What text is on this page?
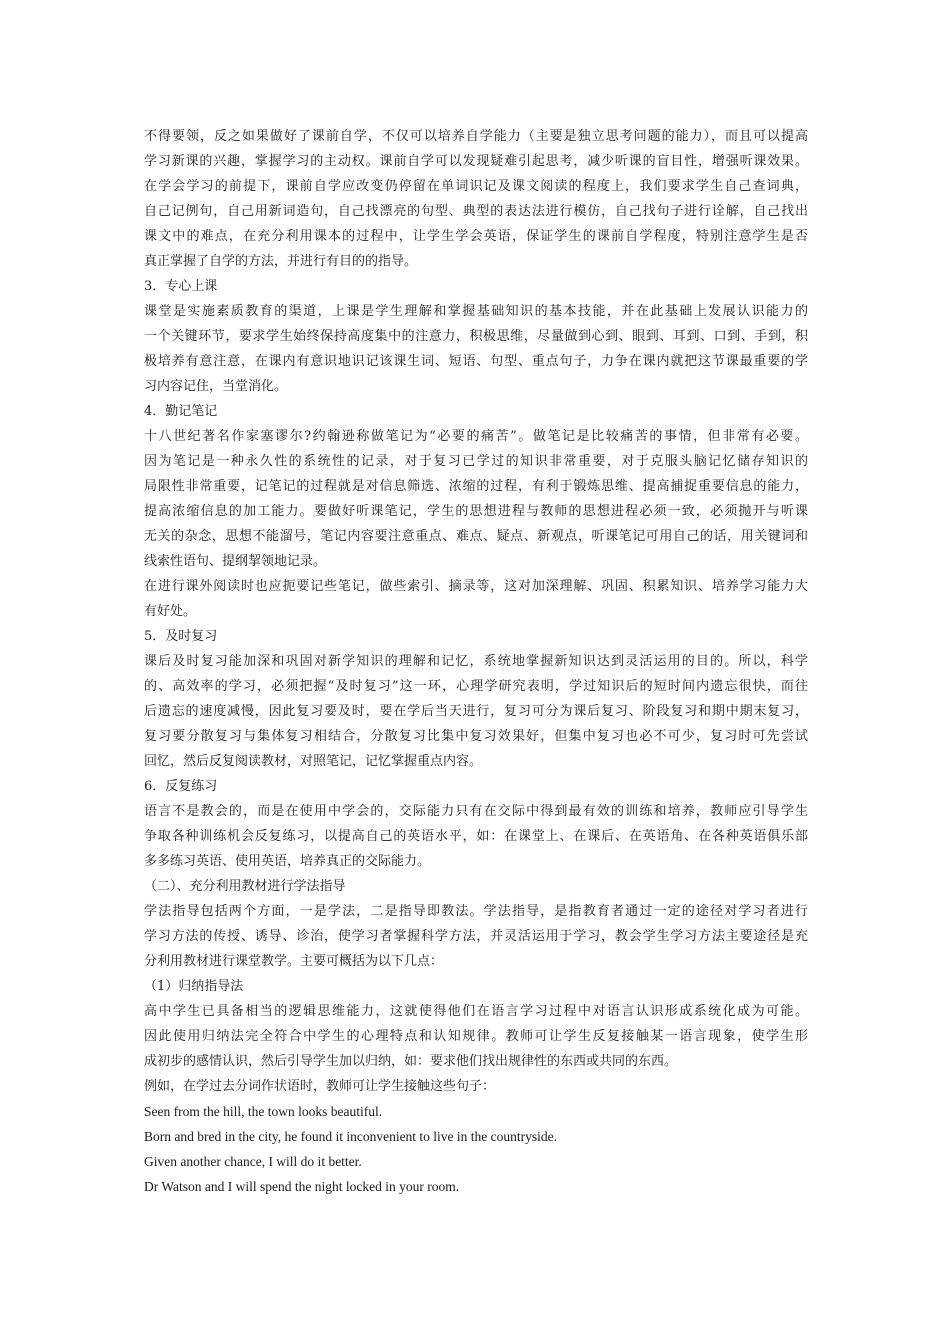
不得要领，反之如果做好了课前自学，不仅可以培养自学能力（主要是独立思考问题的能力），而且可以提高
学习新课的兴趣，掌握学习的主动权。课前自学可以发现疑难引起思考，减少听课的盲目性，增强听课效果。
在学会学习的前提下，课前自学应改变仍停留在单词识记及课文阅读的程度上，我们要求学生自己查词典，
自己记例句，自己用新词造句，自己找漂亮的句型、典型的表达法进行模仿，自己找句子进行诠解，自己找出
课文中的难点，在充分利用课本的过程中，让学生学会英语，保证学生的课前自学程度，特别注意学生是否
真正掌握了自学的方法，并进行有目的的指导。
3．专心上课
课堂是实施素质教育的渠道，上课是学生理解和掌握基础知识的基本技能，并在此基础上发展认识能力的
一个关键环节，要求学生始终保持高度集中的注意力，积极思维，尽量做到心到、眼到、耳到、口到、手到，积
极培养有意注意，在课内有意识地识记该课生词、短语、句型、重点句子，力争在课内就把这节课最重要的学
习内容记住，当堂消化。
4．勤记笔记
十八世纪著名作家塞谬尔?约翰逊称做笔记为“必要的痛苦”。做笔记是比较痛苦的事情，但非常有必要。
因为笔记是一种永久性的系统性的记录，对于复习已学过的知识非常重要，对于克服头脑记忆储存知识的
局限性非常重要，记笔记的过程就是对信息筛选、浓缩的过程，有利于锻炼思维、提高捕捉重要信息的能力，
提高浓缩信息的加工能力。要做好听课笔记，学生的思想进程与教师的思想进程必须一致，必须抛开与听课
无关的杂念，思想不能溜号，笔记内容要注意重点、难点、疑点、新观点，听课笔记可用自己的话，用关键词和
线索性语句、提纲挈领地记录。
在进行课外阅读时也应扼要记些笔记，做些索引、摘录等，这对加深理解、巩固、积累知识、培养学习能力大
有好处。
5．及时复习
课后及时复习能加深和巩固对新学知识的理解和记忆，系统地掌握新知识达到灵活运用的目的。所以，科学
的、高效率的学习，必须把握“及时复习”这一环，心理学研究表明，学过知识后的短时间内遗忘很快，而往
后遗忘的速度减慢，因此复习要及时，要在学后当天进行，复习可分为课后复习、阶段复习和期中期末复习，
复习要分散复习与集体复习相结合，分散复习比集中复习效果好，但集中复习也必不可少，复习时可先尝试
回忆，然后反复阅读教材，对照笔记，记忆掌握重点内容。
6．反复练习
语言不是教会的，而是在使用中学会的，交际能力只有在交际中得到最有效的训练和培养，教师应引导学生
争取各种训练机会反复练习，以提高自己的英语水平，如：在课堂上、在课后、在英语角、在各种英语俱乐部
多多练习英语、使用英语，培养真正的交际能力。
（二）、充分利用教材进行学法指导
学法指导包括两个方面，一是学法，二是指导即教法。学法指导，是指教育者通过一定的途径对学习者进行
学习方法的传授、诱导、诊治，使学习者掌握科学方法，并灵活运用于学习，教会学生学习方法主要途径是充
分利用教材进行课堂教学。主要可概括为以下几点：
（1）归纳指导法
高中学生已具备相当的逻辑思维能力，这就使得他们在语言学习过程中对语言认识形成系统化成为可能。
因此使用归纳法完全符合中学生的心理特点和认知规律。教师可让学生反复接触某一语言现象，使学生形
成初步的感情认识，然后引导学生加以归纳，如：要求他们找出规律性的东西或共同的东西。
例如，在学过去分词作状语时，教师可让学生接触这些句子：
Seen from the hill, the town looks beautiful.
Born and bred in the city, he found it inconvenient to live in the countryside.
Given another chance, I will do it better.
Dr Watson and I will spend the night locked in your room.
